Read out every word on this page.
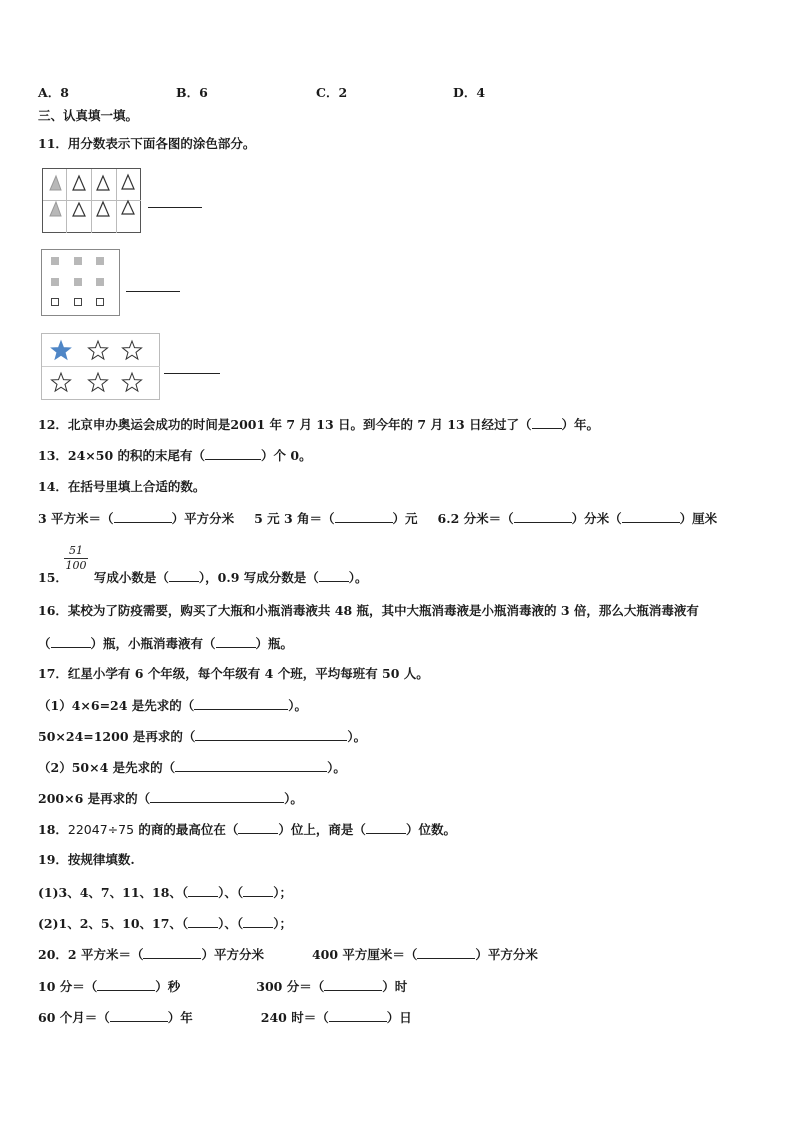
A．8	B．6	C．2	D．4
三、认真填一填。
11．用分数表示下面各图的涂色部分。
12．北京申办奥运会成功的时间是2001 年 7 月 13 日。到今年的 7 月 13 日经过了（ ）年。
13．24×50 的积的末尾有（	）个 0。
14．在括号里填上合适的数。
3 平方米＝（	）平方分米 5 元 3 角＝（	）元 6.2 分米＝（	）分米（	）厘米
$\frac{51}{100}$
15． 写成小数是（ ），0.9 写成分数是（ ）。
16．某校为了防疫需要，购买了大瓶和小瓶消毒液共 48 瓶，其中大瓶消毒液是小瓶消毒液的 3 倍，那么大瓶消毒液有
（	）瓶，小瓶消毒液有（	）瓶。
17．红星小学有 6 个年级，每个年级有 4 个班，平均每班有 50 人。
（1）4×6=24 是先求的（	）。
50×24=1200 是再求的（	）。
（2）50×4 是先求的（	）。
200×6 是再求的（	）。
18．22047÷75 的商的最高位在（	）位上，商是（	）位数。
19．按规律填数.
(1)3、4、7、11、18、（ ）、（ ）；
(2)1、2、5、10、17、（ ）、（ ）；
20．2 平方米＝（	）平方分米	400 平方厘米＝（	）平方分米
10 分＝（	）秒	300 分＝（	）时
60 个月＝（	）年	240 时＝（	）日
